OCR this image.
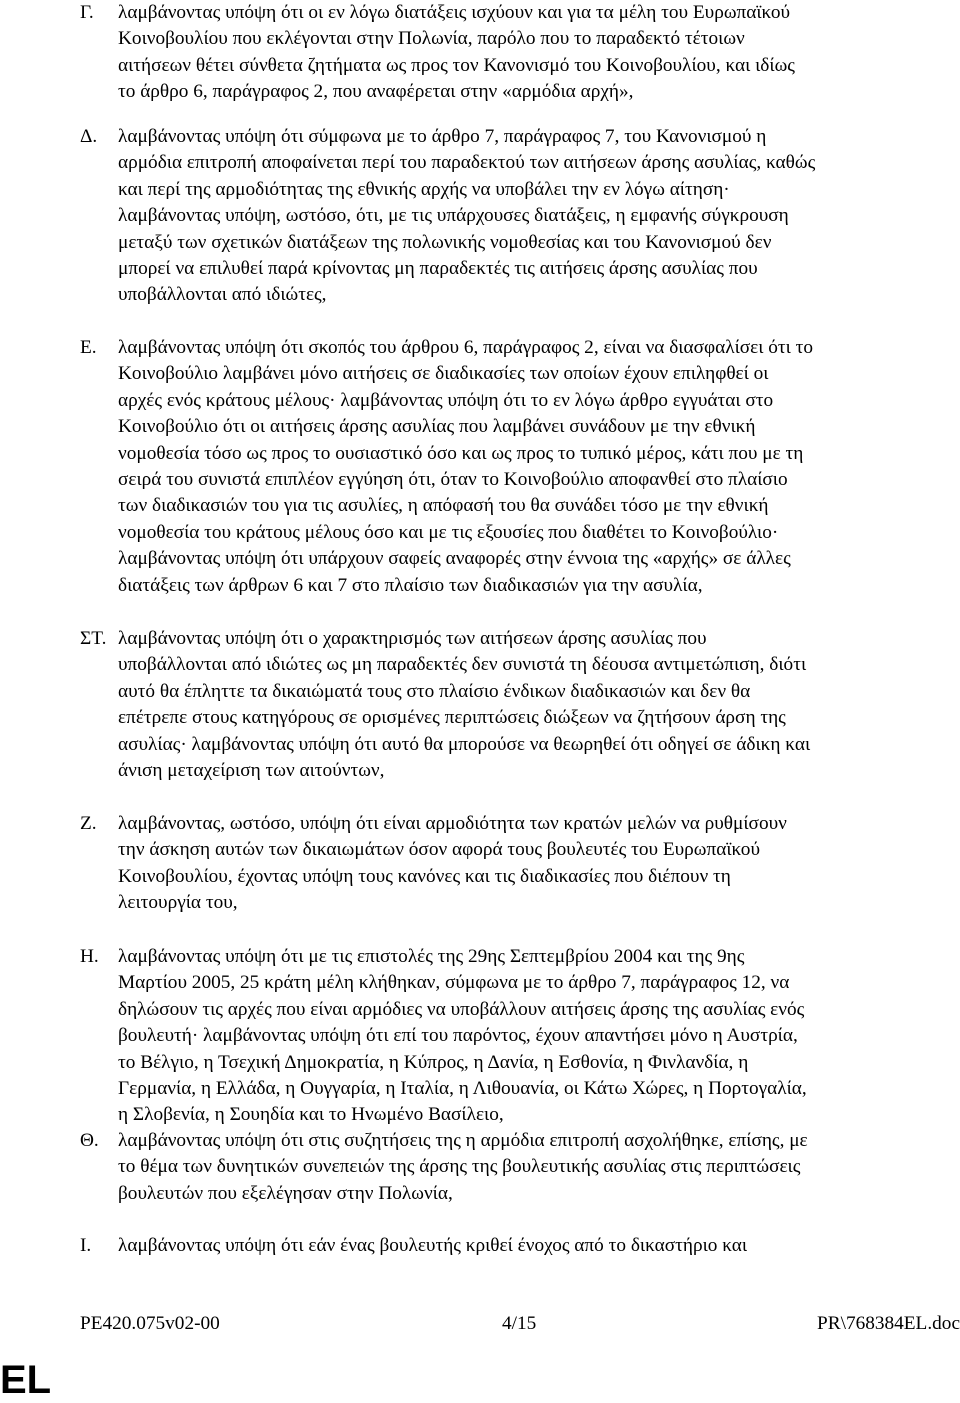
Γ. λαμβάνοντας υπόψη ότι οι εν λόγω διατάξεις ισχύουν και για τα μέλη του Ευρωπαϊκού
Κοινοβουλίου που εκλέγονται στην Πολωνία, παρόλο που το παραδεκτό τέτοιων
αιτήσεων θέτει σύνθετα ζητήματα ως προς τον Κανονισμό του Κοινοβουλίου, και ιδίως
το άρθρο 6, παράγραφος 2, που αναφέρεται στην «αρμόδια αρχή»,
Δ. λαμβάνοντας υπόψη ότι σύμφωνα με το άρθρο 7, παράγραφος 7, του Κανονισμού η
αρμόδια επιτροπή αποφαίνεται περί του παραδεκτού των αιτήσεων άρσης ασυλίας, καθώς
και περί της αρμοδιότητας της εθνικής αρχής να υποβάλει την εν λόγω αίτηση·
λαμβάνοντας υπόψη, ωστόσο, ότι, με τις υπάρχουσες διατάξεις, η εμφανής σύγκρουση
μεταξύ των σχετικών διατάξεων της πολωνικής νομοθεσίας και του Κανονισμού δεν
μπορεί να επιλυθεί παρά κρίνοντας μη παραδεκτές τις αιτήσεις άρσης ασυλίας που
υποβάλλονται από ιδιώτες,
Ε. λαμβάνοντας υπόψη ότι σκοπός του άρθρου 6, παράγραφος 2, είναι να διασφαλίσει ότι το
Κοινοβούλιο λαμβάνει μόνο αιτήσεις σε διαδικασίες των οποίων έχουν επιληφθεί οι
αρχές ενός κράτους μέλους· λαμβάνοντας υπόψη ότι το εν λόγω άρθρο εγγυάται στο
Κοινοβούλιο ότι οι αιτήσεις άρσης ασυλίας που λαμβάνει συνάδουν με την εθνική
νομοθεσία τόσο ως προς το ουσιαστικό όσο και ως προς το τυπικό μέρος, κάτι που με τη
σειρά του συνιστά επιπλέον εγγύηση ότι, όταν το Κοινοβούλιο αποφανθεί στο πλαίσιο
των διαδικασιών του για τις ασυλίες, η απόφασή του θα συνάδει τόσο με την εθνική
νομοθεσία του κράτους μέλους όσο και με τις εξουσίες που διαθέτει το Κοινοβούλιο·
λαμβάνοντας υπόψη ότι υπάρχουν σαφείς αναφορές στην έννοια της «αρχής» σε άλλες
διατάξεις των άρθρων 6 και 7 στο πλαίσιο των διαδικασιών για την ασυλία,
ΣΤ. λαμβάνοντας υπόψη ότι ο χαρακτηρισμός των αιτήσεων άρσης ασυλίας που
υποβάλλονται από ιδιώτες ως μη παραδεκτές δεν συνιστά τη δέουσα αντιμετώπιση, διότι
αυτό θα έπληττε τα δικαιώματά τους στο πλαίσιο ένδικων διαδικασιών και δεν θα
επέτρεπε στους κατηγόρους σε ορισμένες περιπτώσεις διώξεων να ζητήσουν άρση της
ασυλίας· λαμβάνοντας υπόψη ότι αυτό θα μπορούσε να θεωρηθεί ότι οδηγεί σε άδικη και
άνιση μεταχείριση των αιτούντων,
Ζ. λαμβάνοντας, ωστόσο, υπόψη ότι είναι αρμοδιότητα των κρατών μελών να ρυθμίσουν
την άσκηση αυτών των δικαιωμάτων όσον αφορά τους βουλευτές του Ευρωπαϊκού
Κοινοβουλίου, έχοντας υπόψη τους κανόνες και τις διαδικασίες που διέπουν τη
λειτουργία του,
Η. λαμβάνοντας υπόψη ότι με τις επιστολές της 29ης Σεπτεμβρίου 2004 και της 9ης
Μαρτίου 2005, 25 κράτη μέλη κλήθηκαν, σύμφωνα με το άρθρο 7, παράγραφος 12, να
δηλώσουν τις αρχές που είναι αρμόδιες να υποβάλλουν αιτήσεις άρσης της ασυλίας ενός
βουλευτή· λαμβάνοντας υπόψη ότι επί του παρόντος, έχουν απαντήσει μόνο η Αυστρία,
το Βέλγιο, η Τσεχική Δημοκρατία, η Κύπρος, η Δανία, η Εσθονία, η Φινλανδία, η
Γερμανία, η Ελλάδα, η Ουγγαρία, η Ιταλία, η Λιθουανία, οι Κάτω Χώρες, η Πορτογαλία,
η Σλοβενία, η Σουηδία και το Ηνωμένο Βασίλειο,
Θ. λαμβάνοντας υπόψη ότι στις συζητήσεις της η αρμόδια επιτροπή ασχολήθηκε, επίσης, με
το θέμα των δυνητικών συνεπειών της άρσης της βουλευτικής ασυλίας στις περιπτώσεις
βουλευτών που εξελέγησαν στην Πολωνία,
Ι. λαμβάνοντας υπόψη ότι εάν ένας βουλευτής κριθεί ένοχος από το δικαστήριο και
PE420.075v02-00	4/15	PR\768384EL.doc
EL
